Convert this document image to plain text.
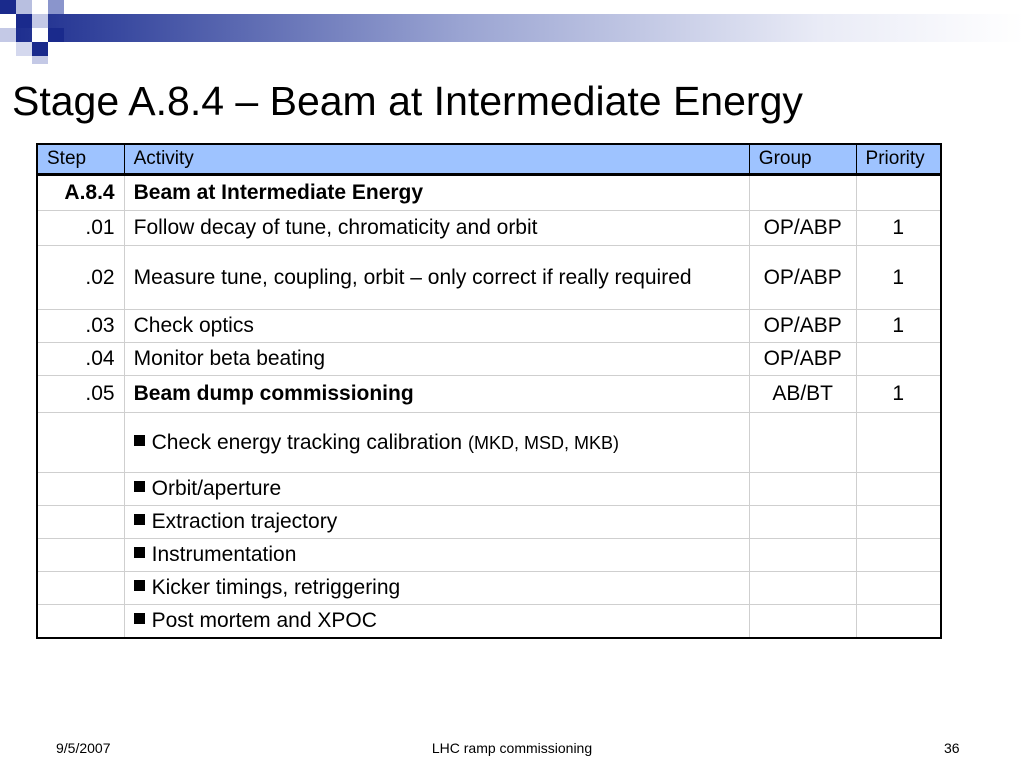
Stage A.8.4 – Beam at Intermediate Energy
Step	Activity	Group	Priority
A.8.4	Beam at Intermediate Energy		
.01	Follow decay of tune, chromaticity and orbit	OP/ABP	1
.02	Measure tune, coupling, orbit – only correct if really required	OP/ABP	1
.03	Check optics	OP/ABP	1
.04	Monitor beta beating	OP/ABP	
.05	Beam dump commissioning	AB/BT	1
	Check energy tracking calibration (MKD, MSD, MKB)		
	Orbit/aperture		
	Extraction trajectory		
	Instrumentation		
	Kicker timings, retriggering		
	Post mortem and XPOC		
9/5/2007	LHC ramp commissioning	36
